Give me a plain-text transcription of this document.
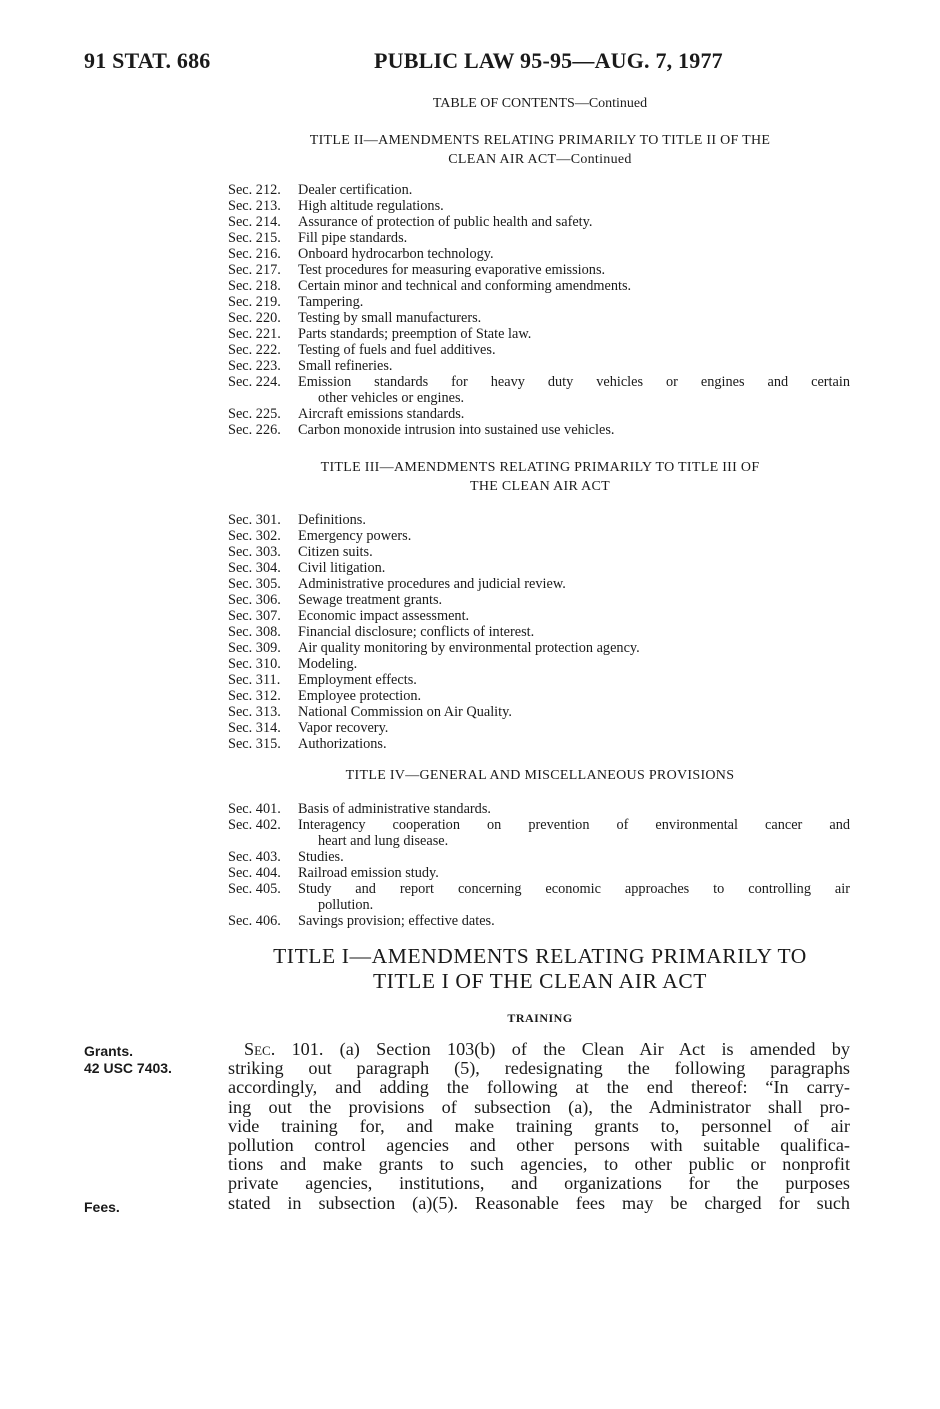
91 STAT. 686	PUBLIC LAW 95-95—AUG. 7, 1977
TABLE OF CONTENTS—Continued
TITLE II—AMENDMENTS RELATING PRIMARILY TO TITLE II OF THE
CLEAN AIR ACT—Continued
Sec. 212.	Dealer certification.
Sec. 213.	High altitude regulations.
Sec. 214.	Assurance of protection of public health and safety.
Sec. 215.	Fill pipe standards.
Sec. 216.	Onboard hydrocarbon technology.
Sec. 217.	Test procedures for measuring evaporative emissions.
Sec. 218.	Certain minor and technical and conforming amendments.
Sec. 219.	Tampering.
Sec. 220.	Testing by small manufacturers.
Sec. 221.	Parts standards; preemption of State law.
Sec. 222.	Testing of fuels and fuel additives.
Sec. 223.	Small refineries.
Sec. 224.	Emission standards for heavy duty vehicles or engines and certain
other vehicles or engines.
Sec. 225.	Aircraft emissions standards.
Sec. 226.	Carbon monoxide intrusion into sustained use vehicles.
TITLE III—AMENDMENTS RELATING PRIMARILY TO TITLE III OF
THE CLEAN AIR ACT
Sec. 301.	Definitions.
Sec. 302.	Emergency powers.
Sec. 303.	Citizen suits.
Sec. 304.	Civil litigation.
Sec. 305.	Administrative procedures and judicial review.
Sec. 306.	Sewage treatment grants.
Sec. 307.	Economic impact assessment.
Sec. 308.	Financial disclosure; conflicts of interest.
Sec. 309.	Air quality monitoring by environmental protection agency.
Sec. 310.	Modeling.
Sec. 311.	Employment effects.
Sec. 312.	Employee protection.
Sec. 313.	National Commission on Air Quality.
Sec. 314.	Vapor recovery.
Sec. 315.	Authorizations.
TITLE IV—GENERAL AND MISCELLANEOUS PROVISIONS
Sec. 401.	Basis of administrative standards.
Sec. 402.	Interagency cooperation on prevention of environmental cancer and
heart and lung disease.
Sec. 403.	Studies.
Sec. 404.	Railroad emission study.
Sec. 405.	Study and report concerning economic approaches to controlling air
pollution.
Sec. 406.	Savings provision; effective dates.
TITLE I—AMENDMENTS RELATING PRIMARILY TO
TITLE I OF THE CLEAN AIR ACT
TRAINING
Grants.
42 USC 7403.
Fees.
Sec. 101. (a) Section 103(b) of the Clean Air Act is amended by
striking out paragraph (5), redesignating the following paragraphs
accordingly, and adding the following at the end thereof: “In carry-
ing out the provisions of subsection (a), the Administrator shall pro-
vide training for, and make training grants to, personnel of air
pollution control agencies and other persons with suitable qualifica-
tions and make grants to such agencies, to other public or nonprofit
private agencies, institutions, and organizations for the purposes
stated in subsection (a)(5). Reasonable fees may be charged for such
